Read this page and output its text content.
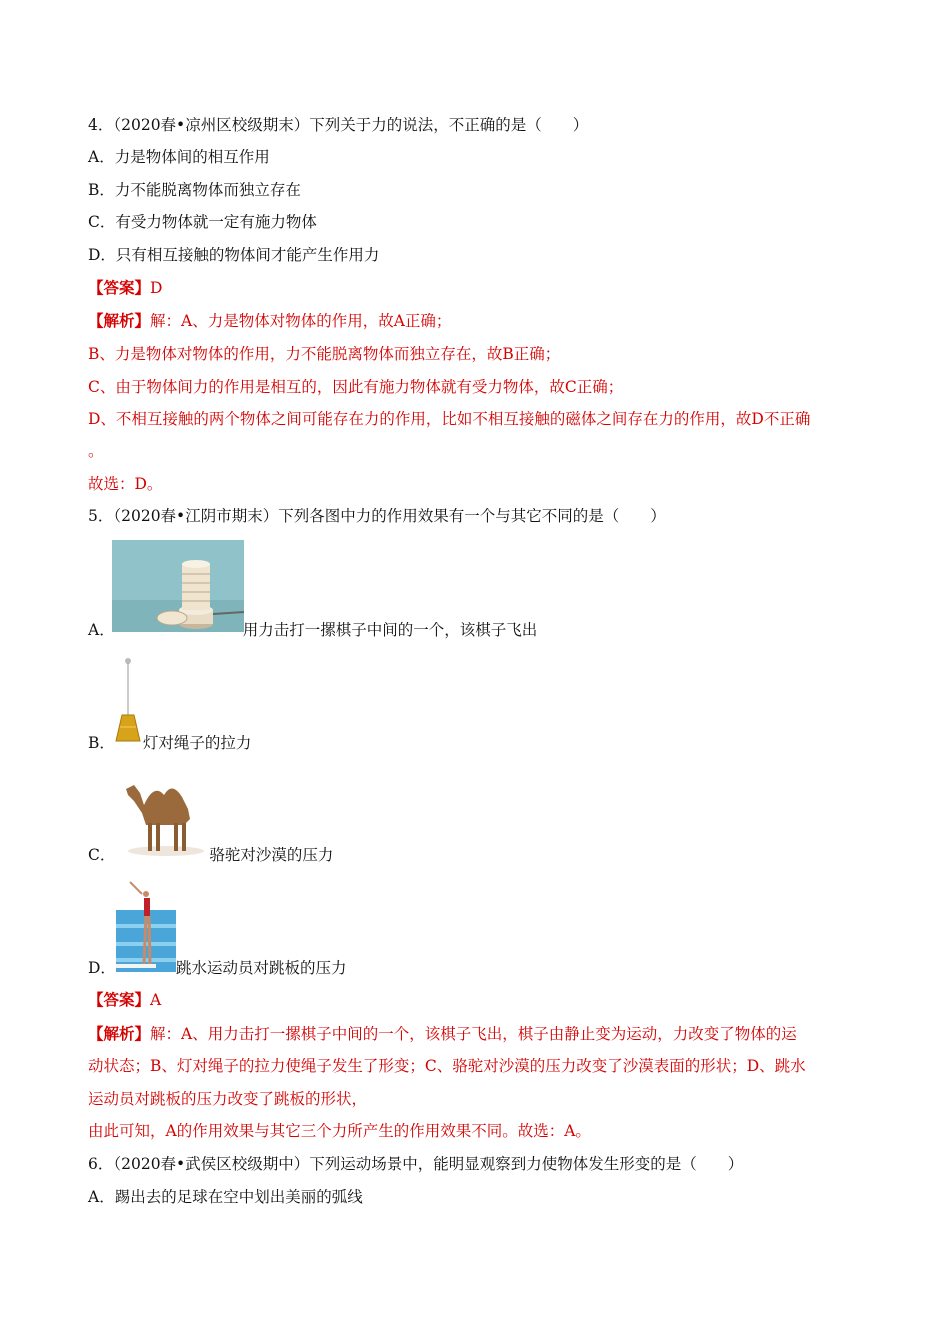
4．（2020春•凉州区校级期末）下列关于力的说法，不正确的是（　　）
A．力是物体间的相互作用
B．力不能脱离物体而独立存在
C．有受力物体就一定有施力物体
D．只有相互接触的物体间才能产生作用力
【答案】D
【解析】解：A、力是物体对物体的作用，故A正确；
B、力是物体对物体的作用，力不能脱离物体而独立存在，故B正确；
C、由于物体间力的作用是相互的，因此有施力物体就有受力物体，故C正确；
D、不相互接触的两个物体之间可能存在力的作用，比如不相互接触的磁体之间存在力的作用，故D不正确
。
故选：D。
5．（2020春•江阴市期末）下列各图中力的作用效果有一个与其它不同的是（　　）
A．	用力击打一摞棋子中间的一个，该棋子飞出
B． 灯对绳子的拉力
C．	骆驼对沙漠的压力
D．	跳水运动员对跳板的压力
【答案】A
【解析】解：A、用力击打一摞棋子中间的一个，该棋子飞出，棋子由静止变为运动，力改变了物体的运
动状态；B、灯对绳子的拉力使绳子发生了形变；C、骆驼对沙漠的压力改变了沙漠表面的形状；D、跳水
运动员对跳板的压力改变了跳板的形状，
由此可知，A的作用效果与其它三个力所产生的作用效果不同。故选：A。
6．（2020春•武侯区校级期中）下列运动场景中，能明显观察到力使物体发生形变的是（　　）
A．踢出去的足球在空中划出美丽的弧线
